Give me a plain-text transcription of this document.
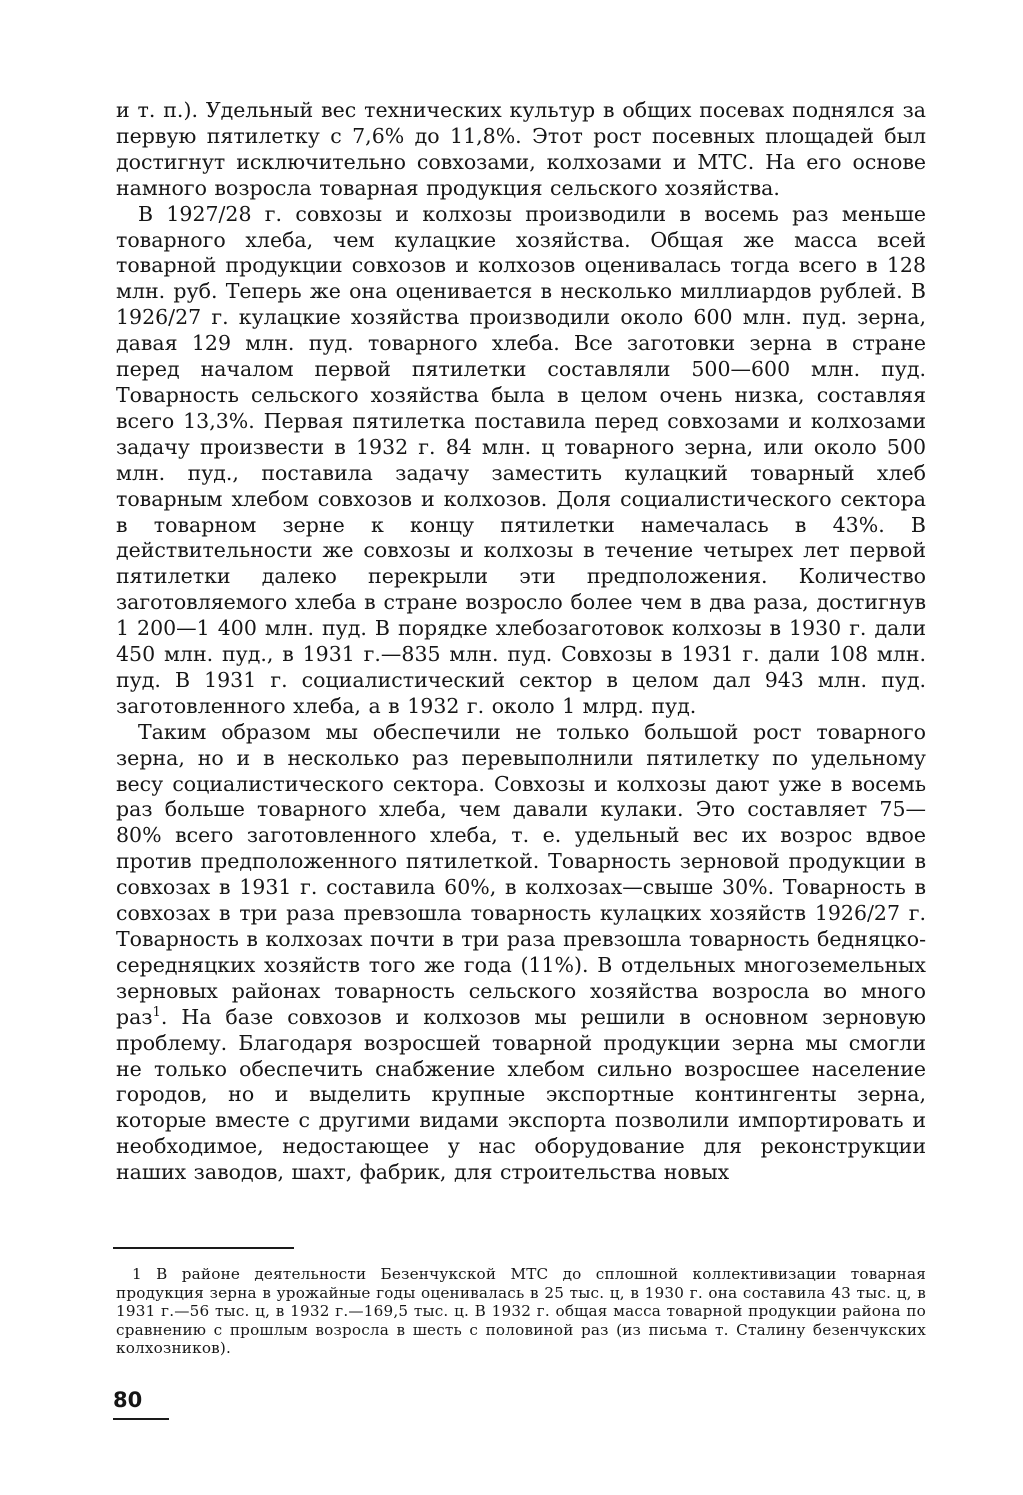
и т. п.). Удельный вес технических культур в общих посевах поднялся за первую пятилетку с 7,6% до 11,8%. Этот рост посевных площадей был достигнут исключительно совхозами, колхозами и МТС. На его основе намного возросла товарная продукция сельского хозяйства.

В 1927/28 г. совхозы и колхозы производили в восемь раз меньше товарного хлеба, чем кулацкие хозяйства. Общая же масса всей товарной продукции совхозов и колхозов оценивалась тогда всего в 128 млн. руб. Теперь же она оценивается в несколько миллиардов рублей. В 1926/27 г. кулацкие хозяйства производили около 600 млн. пуд. зерна, давая 129 млн. пуд. товарного хлеба. Все заготовки зерна в стране перед началом первой пятилетки составляли 500—600 млн. пуд. Товарность сельского хозяйства была в целом очень низка, составляя всего 13,3%. Первая пятилетка поставила перед совхозами и колхозами задачу произвести в 1932 г. 84 млн. ц товарного зерна, или около 500 млн. пуд., поставила задачу заместить кулацкий товарный хлеб товарным хлебом совхозов и колхозов. Доля социалистического сектора в товарном зерне к концу пятилетки намечалась в 43%. В действительности же совхозы и колхозы в течение четырех лет первой пятилетки далеко перекрыли эти предположения. Количество заготовляемого хлеба в стране возросло более чем в два раза, достигнув 1 200—1 400 млн. пуд. В порядке хлебозаготовок колхозы в 1930 г. дали 450 млн. пуд., в 1931 г.—835 млн. пуд. Совхозы в 1931 г. дали 108 млн. пуд. В 1931 г. социалистический сектор в целом дал 943 млн. пуд. заготовленного хлеба, а в 1932 г. около 1 млрд. пуд.

Таким образом мы обеспечили не только большой рост товарного зерна, но и в несколько раз перевыполнили пятилетку по удельному весу социалистического сектора. Совхозы и колхозы дают уже в восемь раз больше товарного хлеба, чем давали кулаки. Это составляет 75—80% всего заготовленного хлеба, т. е. удельный вес их возрос вдвое против предположенного пятилеткой. Товарность зерновой продукции в совхозах в 1931 г. составила 60%, в колхозах—свыше 30%. Товарность в совхозах в три раза превзошла товарность кулацких хозяйств 1926/27 г. Товарность в колхозах почти в три раза превзошла товарность бедняцко-середняцких хозяйств того же года (11%). В отдельных многоземельных зерновых районах товарность сельского хозяйства возросла во много раз$^1$. На базе совхозов и колхозов мы решили в основном зерновую проблему. Благодаря возросшей товарной продукции зерна мы смогли не только обеспечить снабжение хлебом сильно возросшее население городов, но и выделить крупные экспортные контингенты зерна, которые вместе с другими видами экспорта позволили импортировать и необходимое, недостающее у нас оборудование для реконструкции наших заводов, шахт, фабрик, для строительства новых

1 В районе деятельности Безенчукской МТС до сплошной коллективизации товарная продукция зерна в урожайные годы оценивалась в 25 тыс. ц, в 1930 г. она составила 43 тыс. ц, в 1931 г.—56 тыс. ц, в 1932 г.—169,5 тыс. ц. В 1932 г. общая масса товарной продукции района по сравнению с прошлым возросла в шесть с половиной раз (из письма т. Сталину безенчукских колхозников).

80
